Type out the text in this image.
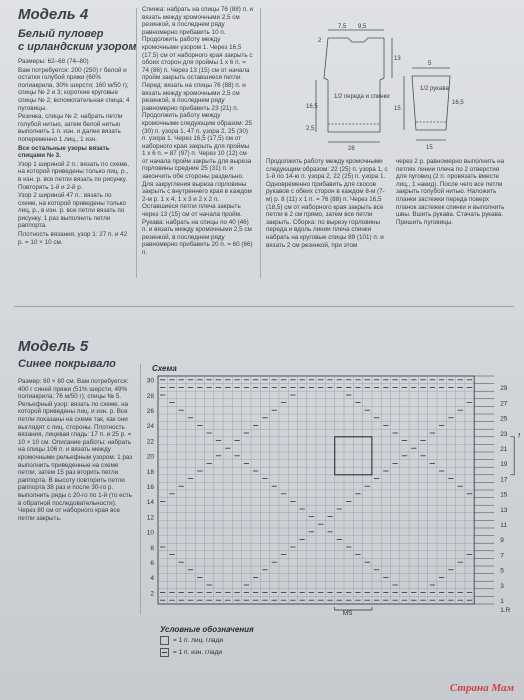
Модель 4
Белый пуловер
с ирландским узором

Размеры: 62–68 (74–80)

Вам потребуется: 200 (250) г белой и остатки голубой пряжи (60% полиакрила, 30% шерсти; 160 м/50 г); спицы № 2 и 3; короткие круговые спицы № 2; вспомогательная спица; 4 пуговицы.

Резинка, спицы № 2: набрать петли голубой нитью, затем белой нитью выполнить 1 п. изн. и далее вязать попеременно 1 лиц., 1 изн.

Все остальные узоры вязать спицами № 3.

Узор 1 шириной 2 п.: вязать по схеме, на которой приведены только лиц. р., в изн. р. все петли вязать по рисунку. Повторять 1-й и 2-й р.

Узор 2 шириной 47 п.: вязать по схеме, на которой приведены только лиц. р., в изн. р. все петли вязать по рисунку. 1 раз выполнить петли раппорта.

Плотность вязания, узор 1: 27 п. и 42 р. = 10 × 10 см.

Спинка: набрать на спицы 76 (88) п. и вязать между кромочными 2,5 см резинкой, в последнем ряду равномерно прибавить 10 п. Продолжить работу между кромочными узором 1. Через 16,5 (17,5) см от наборного края закрыть с обоих сторон для проймы 1 х 6 п. = 74 (86) п. Через 13 (15) см от начала пройм закрыть оставшиеся петли. Перед: вязать на спицы 76 (88) п. и вязать между кромочными 2,5 см резинкой, в последнем ряду равномерно прибавить 23 (21) п. Продолжить работу между кромочными следующим образом: 25 (30) п. узора 1, 47 п. узора 2, 25 (30) п. узора 1. Через 16,5 (17,5) см от наборного края закрыть для проймы 1 х 6 п. = 87 (97) п. Через 10 (12) см от начала пройм закрыть для выреза горловины средние 25 (31) п. и закончить обе стороны раздельно. Для закругления выреза горловины закрыть с внутреннего края в каждом 2-м р. 1 х 4, 1 х 3 и 2 х 2 п. Оставшиеся петли плеча закрыть через 13 (15) см от начала пройм. Рукава: набрать на спицы по 40 (46) п. и вязать между кромочными 2,5 см резинкой, в последнем ряду равномерно прибавить 20 п. = 60 (66) п.

7,5 9,5
13
2
16,5
2,5
28
1/2 переда и спинки
5
1/2 рукава
16,5
15
15

Продолжить работу между кромочными следующим образом: 22 (25) п. узора 1, с 1-й по 14-ю п. узора 2, 22 (25) п. узора 1. Одновременно прибавить для скосов рукавов с обеих сторон в каждом 8-м (7-м) р. 8 (11) х 1 п. = 76 (88) п. Через 16,5 (18,5) см от наборного края закрыть все петли в 2 см прямо, затем все петли закрыть. Сборка: по вырезу горловины переда и вдоль линии плеча спинки набрать на круговые спицы 89 (101) п. и вязать 2 см резинкой, при этом

через 2 р. равномерно выполнить на петлях линии плеча по 2 отверстия для пуговиц (2 п. провязать вместе лиц., 1 накид). После чего все петли закрыть голубой нитью. Наложить планки застежки переда поверх планок застежек спинки и выполнить швы. Вшить рукава. Стачать рукава. Пришить пуговицы.

Модель 5
Синее покрывало

Размер: 60 × 80 см. Вам потребуется: 400 г синей пряжи (51% шерсти, 49% полиакрила; 76 м/50 г); спицы № 5. Рельефный узор: вязать по схеме, на которой приведены лиц. и изн. р. Все петли показаны на схеме так, как они выглядят с лиц. стороны. Плотность вязания, лицевая гладь: 17 п. и 25 р. = 10 × 10 см. Описание работы: набрать на спицы 106 п. и вязать между кромочными рельефным узором. 1 раз выполнить приведенные на схеме петли, затем 15 раз вторить петли раппорта. В высоту повторить петли раппорта 38 раз и после 30-го р. выполнить ряды с 20-го по 1-й (то есть в обратной последовательности). Через 80 см от наборного края все петли закрыть.

Схема
30
28
26
24
22
20
18
16
14
12
10
8
6
4
2
29
27
25
23
21
19
17
15
13
11
9
7
5
3
1
MS	1.R
Условные обозначения
= 1 п. лиц. глади
= 1 п. изн. глади
Страна Мам
